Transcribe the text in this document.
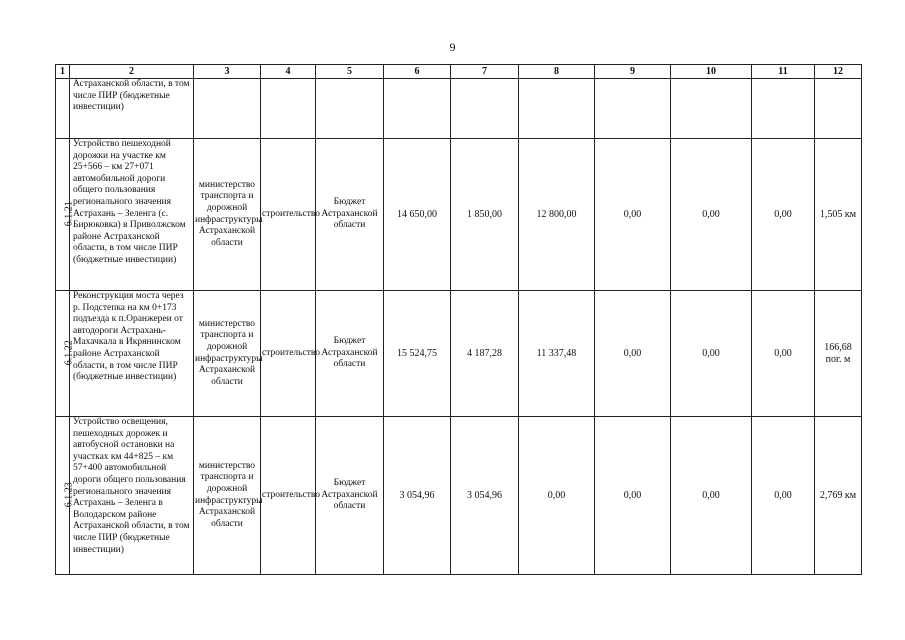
9
1	2	3	4	5	6	7	8	9	10	11	12
	Астраханской области, в том числе ПИР (бюджетные инвестиции)										
6.1.21	Устройство пешеходной дорожки на участке км 25+566 – км 27+071 автомобильной дороги общего пользования регионального значения Астрахань – Зеленга (с. Бирюковка) в Приволжском районе Астраханской области, в том числе ПИР (бюджетные инвестиции)	министерство транспорта и дорожной инфраструктуры Астраханской области	строительство	Бюджет Астраханской области	14 650,00	1 850,00	12 800,00	0,00	0,00	0,00	1,505 км
6.1.22	Реконструкция моста через р. Подстепка на км 0+173 подъезда к п.Оранжереи от автодороги Астрахань-Махачкала в Икрянинском районе Астраханской области, в том числе ПИР (бюджетные инвестиции)	министерство транспорта и дорожной инфраструктуры Астраханской области	строительство	Бюджет Астраханской области	15 524,75	4 187,28	11 337,48	0,00	0,00	0,00	166,68 пог. м
6.1.23	Устройство освещения, пешеходных дорожек и автобусной остановки на участках км 44+825 – км 57+400 автомобильной дороги общего пользования регионального значения Астрахань – Зеленга в Володарском районе Астраханской области, в том числе ПИР (бюджетные инвестиции)	министерство транспорта и дорожной инфраструктуры Астраханской области	строительство	Бюджет Астраханской области	3 054,96	3 054,96	0,00	0,00	0,00	0,00	2,769 км
